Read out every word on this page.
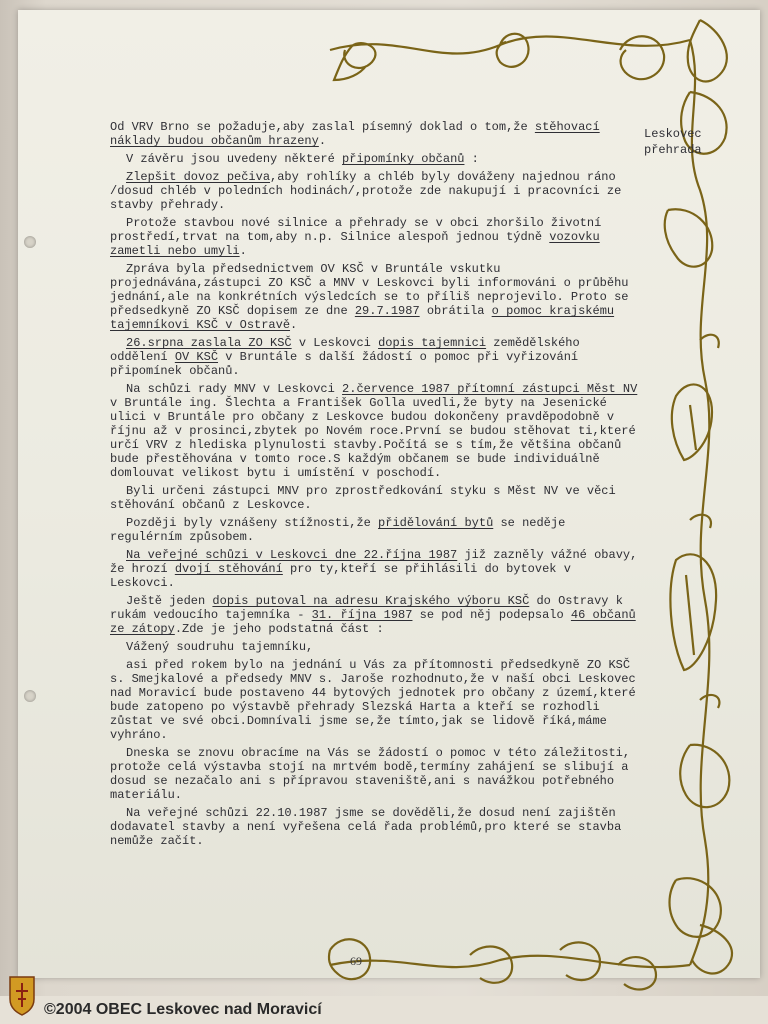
Leskovec
přehrada

Od VRV Brno se požaduje,aby zaslal písemný doklad o tom,že stěhovací náklady budou občanům hrazeny.

V závěru jsou uvedeny některé připomínky občanů :

Zlepšit dovoz pečiva,aby rohlíky a chléb byly dováženy najednou ráno /dosud chléb v poledních hodinách/,protože zde nakupují i pracovníci ze stavby přehrady.

Protože stavbou nové silnice a přehrady se v obci zhoršilo životní prostředí,trvat na tom,aby n.p. Silnice alespoň jednou týdně vozovku zametli nebo umyli.

Zpráva byla předsednictvem OV KSČ v Bruntále vskutku projednávána,zástupci ZO KSČ a MNV v Leskovci byli informováni o průběhu jednání,ale na konkrétních výsledcích se to příliš neprojevilo. Proto se předsedkyně ZO KSČ dopisem ze dne 29.7.1987 obrátila o pomoc krajskému tajemníkovi KSČ v Ostravě.

26.srpna zaslala ZO KSČ v Leskovci dopis tajemnici zemědělského oddělení OV KSČ v Bruntále s další žádostí o pomoc při vyřizování připomínek občanů.

Na schůzi rady MNV v Leskovci 2.července 1987 přítomní zástupci Měst NV v Bruntále ing. Šlechta a František Golla uvedli,že byty na Jesenické ulici v Bruntále pro občany z Leskovce budou dokončeny pravděpodobně v říjnu až v prosinci,zbytek po Novém roce.První se budou stěhovat ti,které určí VRV z hlediska plynulosti stavby.Počítá se s tím,že většina občanů bude přestěhována v tomto roce.S každým občanem se bude individuálně domlouvat velikost bytu i umístění v poschodí.

Byli určeni zástupci MNV pro zprostředkování styku s Měst NV ve věci stěhování občanů z Leskovce.

Později byly vznášeny stížnosti,že přidělování bytů se neděje regulérním způsobem.

Na veřejné schůzi v Leskovci dne 22.října 1987 již zazněly vážné obavy, že hrozí dvojí stěhování pro ty,kteří se přihlásili do bytovek v Leskovci.

Ještě jeden dopis putoval na adresu Krajského výboru KSČ do Ostravy k rukám vedoucího tajemníka - 31. října 1987 se pod něj podepsalo 46 občanů ze zátopy.Zde je jeho podstatná část :

Vážený soudruhu tajemníku,

asi před rokem bylo na jednání u Vás za přítomnosti předsedkyně ZO KSČ s. Smejkalové a předsedy MNV s. Jaroše rozhodnuto,že v naší obci Leskovec nad Moravicí bude postaveno 44 bytových jednotek pro občany z území,které bude zatopeno po výstavbě přehrady Slezská Harta a kteří se rozhodli zůstat ve své obci.Domnívali jsme se,že tímto,jak se lidově říká,máme vyhráno.

Dneska se znovu obracíme na Vás se žádostí o pomoc v této záležitosti, protože celá výstavba stojí na mrtvém bodě,termíny zahájení se slibují a dosud se nezačalo ani s přípravou staveniště,ani s navážkou potřebného materiálu.

Na veřejné schůzi 22.10.1987 jsme se dověděli,že dosud není zajištěn dodavatel stavby a není vyřešena celá řada problémů,pro které se stavba nemůže začít.

69
©2004 OBEC Leskovec nad Moravicí
